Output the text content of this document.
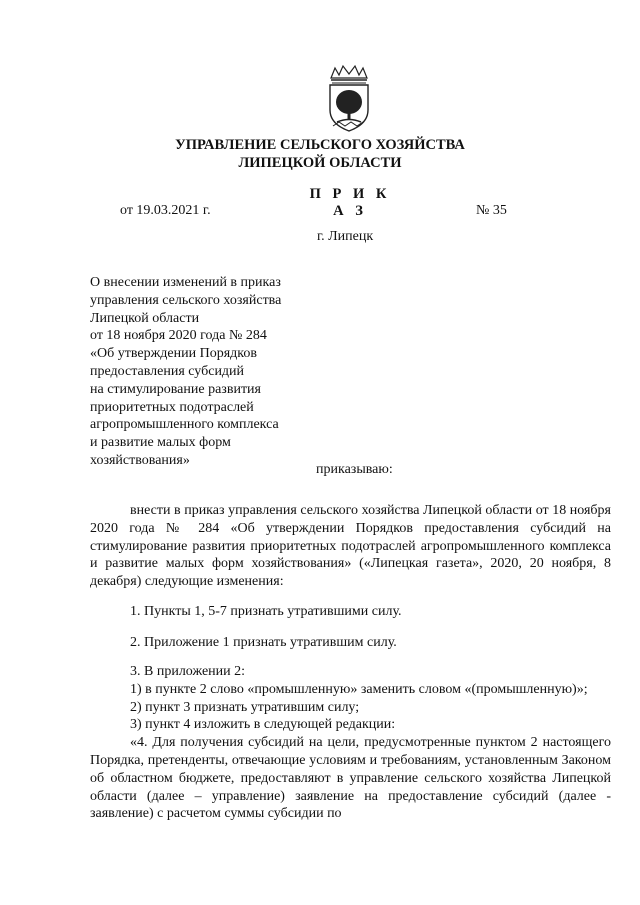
УПРАВЛЕНИЕ СЕЛЬСКОГО ХОЗЯЙСТВА
ЛИПЕЦКОЙ ОБЛАСТИ
П Р И К А З
от 19.03.2021 г.	№ 35
г. Липецк
О внесении изменений в приказ
управления сельского хозяйства
Липецкой области
от 18 ноября 2020 года № 284
«Об утверждении Порядков
предоставления субсидий
на стимулирование развития
приоритетных подотраслей
агропромышленного комплекса
и развитие малых форм
хозяйствования»
приказываю:
внести в приказ управления сельского хозяйства Липецкой области от 18 ноября 2020 года № 284 «Об утверждении Порядков предоставления субсидий на стимулирование развития приоритетных подотраслей агропромышленного комплекса и развитие малых форм хозяйствования» («Липецкая газета», 2020, 20 ноября, 8 декабря) следующие изменения:
1. Пункты 1, 5-7 признать утратившими силу.
2. Приложение 1 признать утратившим силу.
3. В приложении 2:
1) в пункте 2 слово «промышленную» заменить словом «(промышленную)»;
2) пункт 3 признать утратившим силу;
3) пункт 4 изложить в следующей редакции:
«4. Для получения субсидий на цели, предусмотренные пунктом 2 настоящего Порядка, претенденты, отвечающие условиям и требованиям, установленным Законом об областном бюджете, предоставляют в управление сельского хозяйства Липецкой области (далее – управление) заявление на предоставление субсидий (далее - заявление) с расчетом суммы субсидии по
